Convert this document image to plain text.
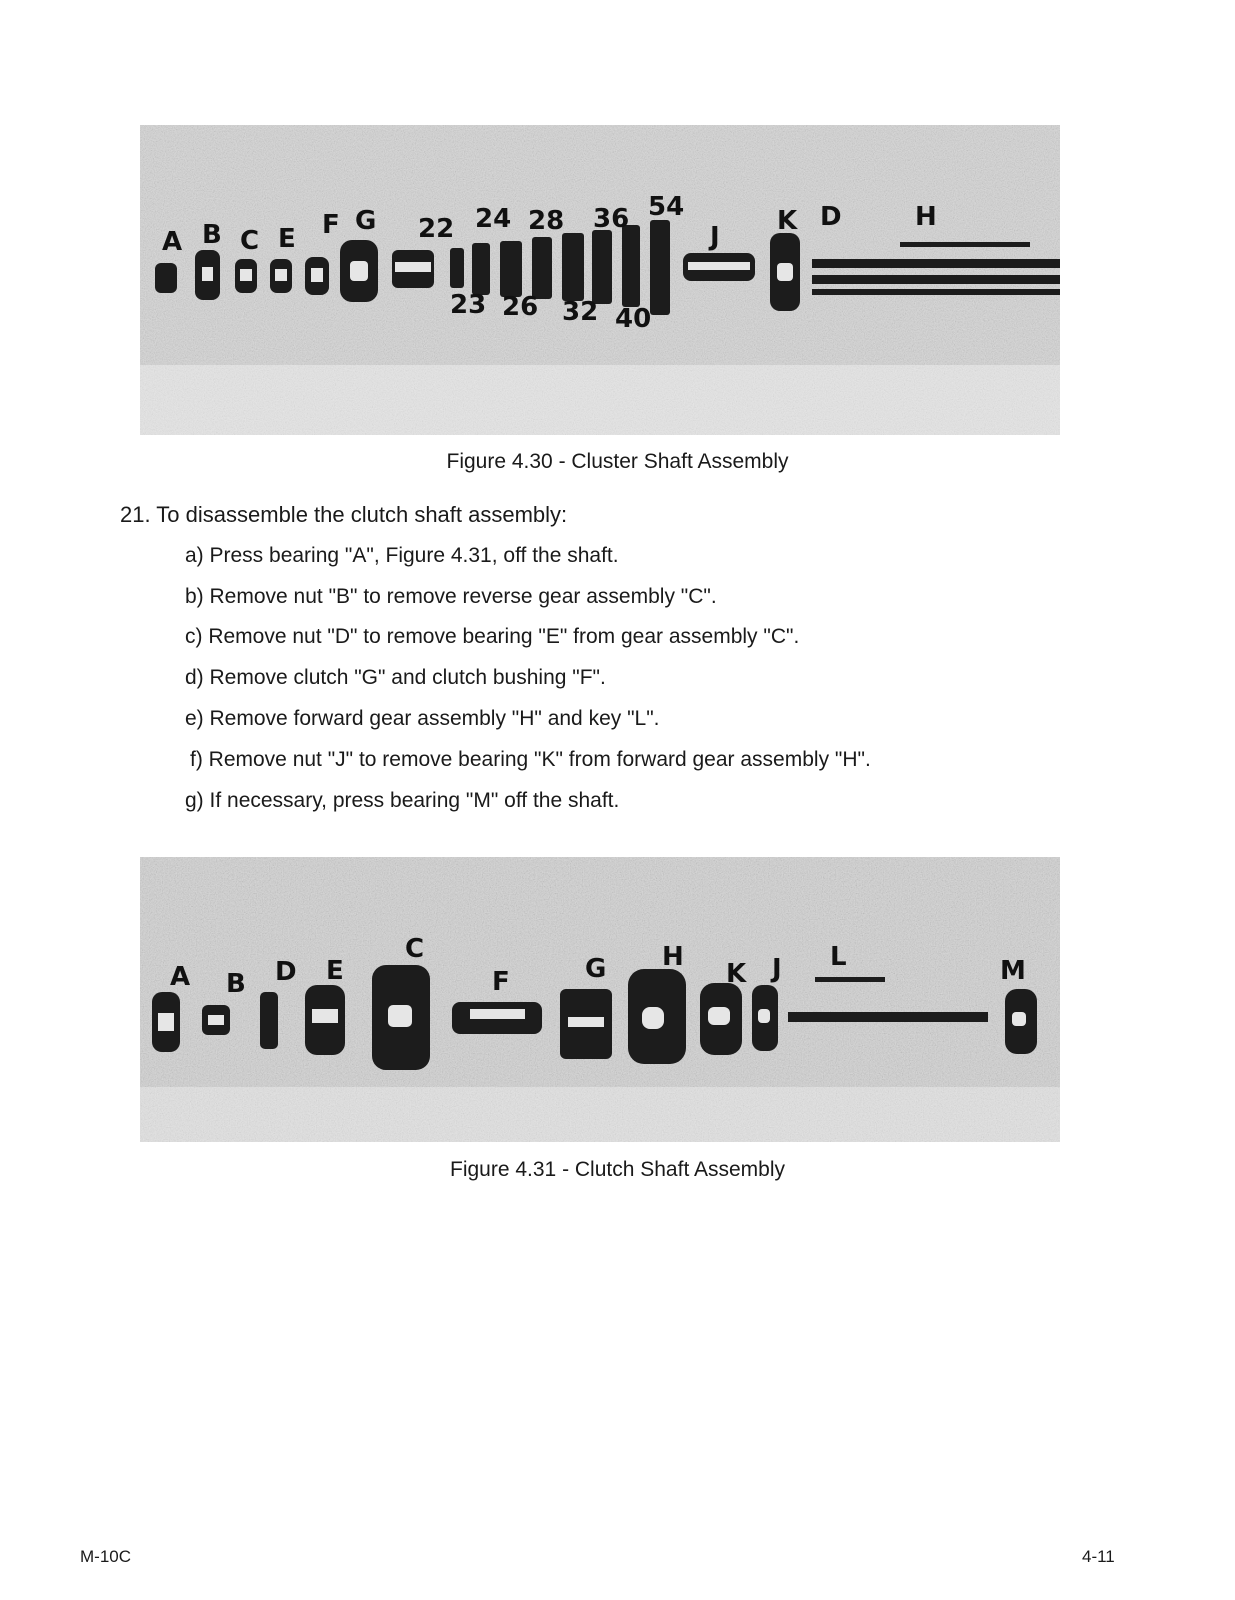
A B C E F G 22 24 28 36 54
J
K D	H
23 26 32 40
Figure 4.30 - Cluster Shaft Assembly
21. To disassemble the clutch shaft assembly:
a) Press bearing "A", Figure 4.31, off the shaft.
b) Remove nut "B" to remove reverse gear assembly "C".
c) Remove nut "D" to remove bearing "E" from gear assembly "C".
d) Remove clutch "G" and clutch bushing "F".
e) Remove forward gear assembly "H" and key "L".
f) Remove nut "J" to remove bearing "K" from forward gear assembly "H".
g) If necessary, press bearing "M" off the shaft.
A B D E
C
F	G H
K J L	M
Figure 4.31 - Clutch Shaft Assembly
M-10C	4-11
